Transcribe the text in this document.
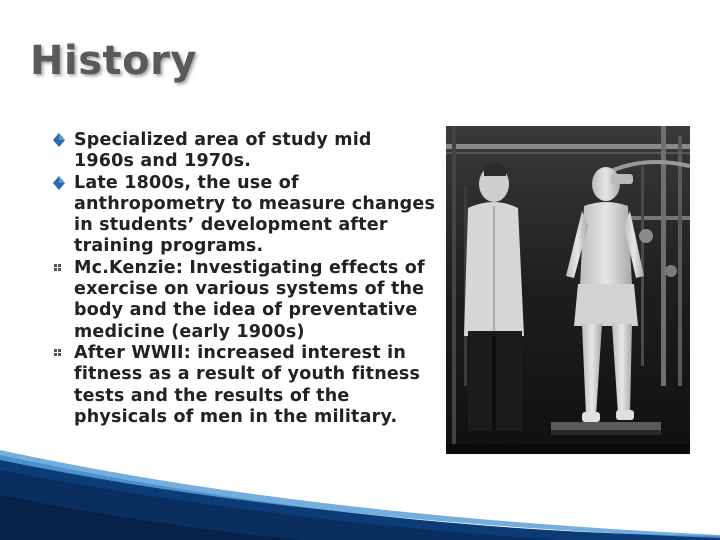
History
Specialized area of study mid 1960s and 1970s.
Late 1800s, the use of anthropometry to measure changes in students’ development after training programs.
Mc.Kenzie: Investigating effects of exercise on various systems of the body and the idea of preventative medicine (early 1900s)
After WWII: increased interest in fitness as a result of youth fitness tests and the results of the physicals of men in the military.
